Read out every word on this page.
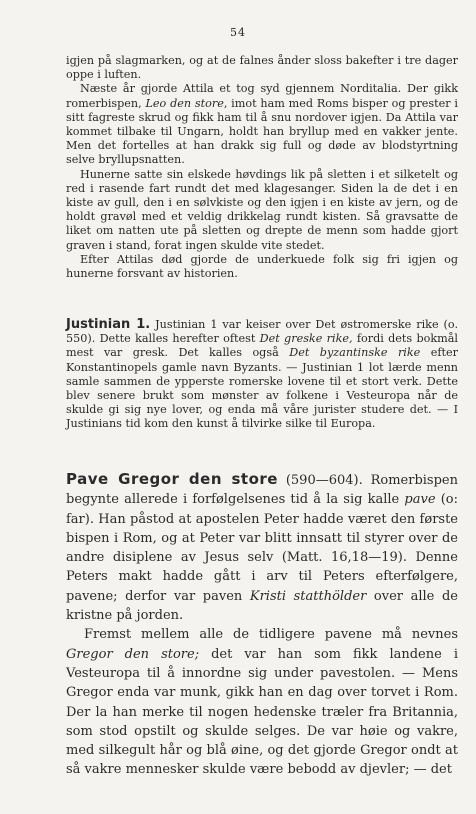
54

igjen på slagmarken, og at de falnes ånder sloss bakefter i tre dager oppe i luften.

Næste år gjorde Attila et tog syd gjennem Norditalia. Der gikk romerbispen, Leo den store, imot ham med Roms bisper og prester i sitt fagreste skrud og fikk ham til å snu nordover igjen. Da Attila var kommet tilbake til Ungarn, holdt han bryllup med en vakker jente. Men det fortelles at han drakk sig full og døde av blodstyrtning selve bryllupsnatten.

Hunerne satte sin elskede høvdings lik på sletten i et silketelt og red i rasende fart rundt det med klagesanger. Siden la de det i en kiste av gull, den i en sølvkiste og den igjen i en kiste av jern, og de holdt gravøl med et veldig drikkelag rundt kisten. Så gravsatte de liket om natten ute på sletten og drepte de menn som hadde gjort graven i stand, forat ingen skulde vite stedet.

Efter Attilas død gjorde de underkuede folk sig fri igjen og hunerne forsvant av historien.

Justinian 1. Justinian 1 var keiser over Det østromerske rike (o. 550). Dette kalles herefter oftest Det greske rike, fordi dets bokmål mest var gresk. Det kalles også Det byzantinske rike efter Konstantinopels gamle navn Byzants. — Justinian 1 lot lærde menn samle sammen de ypperste romerske lovene til et stort verk. Dette blev senere brukt som mønster av folkene i Vesteuropa når de skulde gi sig nye lover, og enda må våre jurister studere det. — I Justinians tid kom den kunst å tilvirke silke til Europa.

Pave Gregor den store (590—604). Romerbispen begynte allerede i forfølgelsenes tid å la sig kalle pave (o: far). Han påstod at apostelen Peter hadde været den første bispen i Rom, og at Peter var blitt innsatt til styrer over de andre disiplene av Jesus selv (Matt. 16,18—19). Denne Peters makt hadde gått i arv til Peters efterfølgere, pavene; derfor var paven Kristi statthölder over alle de kristne på jorden.

Fremst mellem alle de tidligere pavene må nevnes Gregor den store; det var han som fikk landene i Vesteuropa til å innordne sig under pavestolen. — Mens Gregor enda var munk, gikk han en dag over torvet i Rom. Der la han merke til nogen hedenske træler fra Britannia, som stod opstilt og skulde selges. De var høie og vakre, med silkegult hår og blå øine, og det gjorde Gregor ondt at så vakre mennesker skulde være bebodd av djevler; — det
